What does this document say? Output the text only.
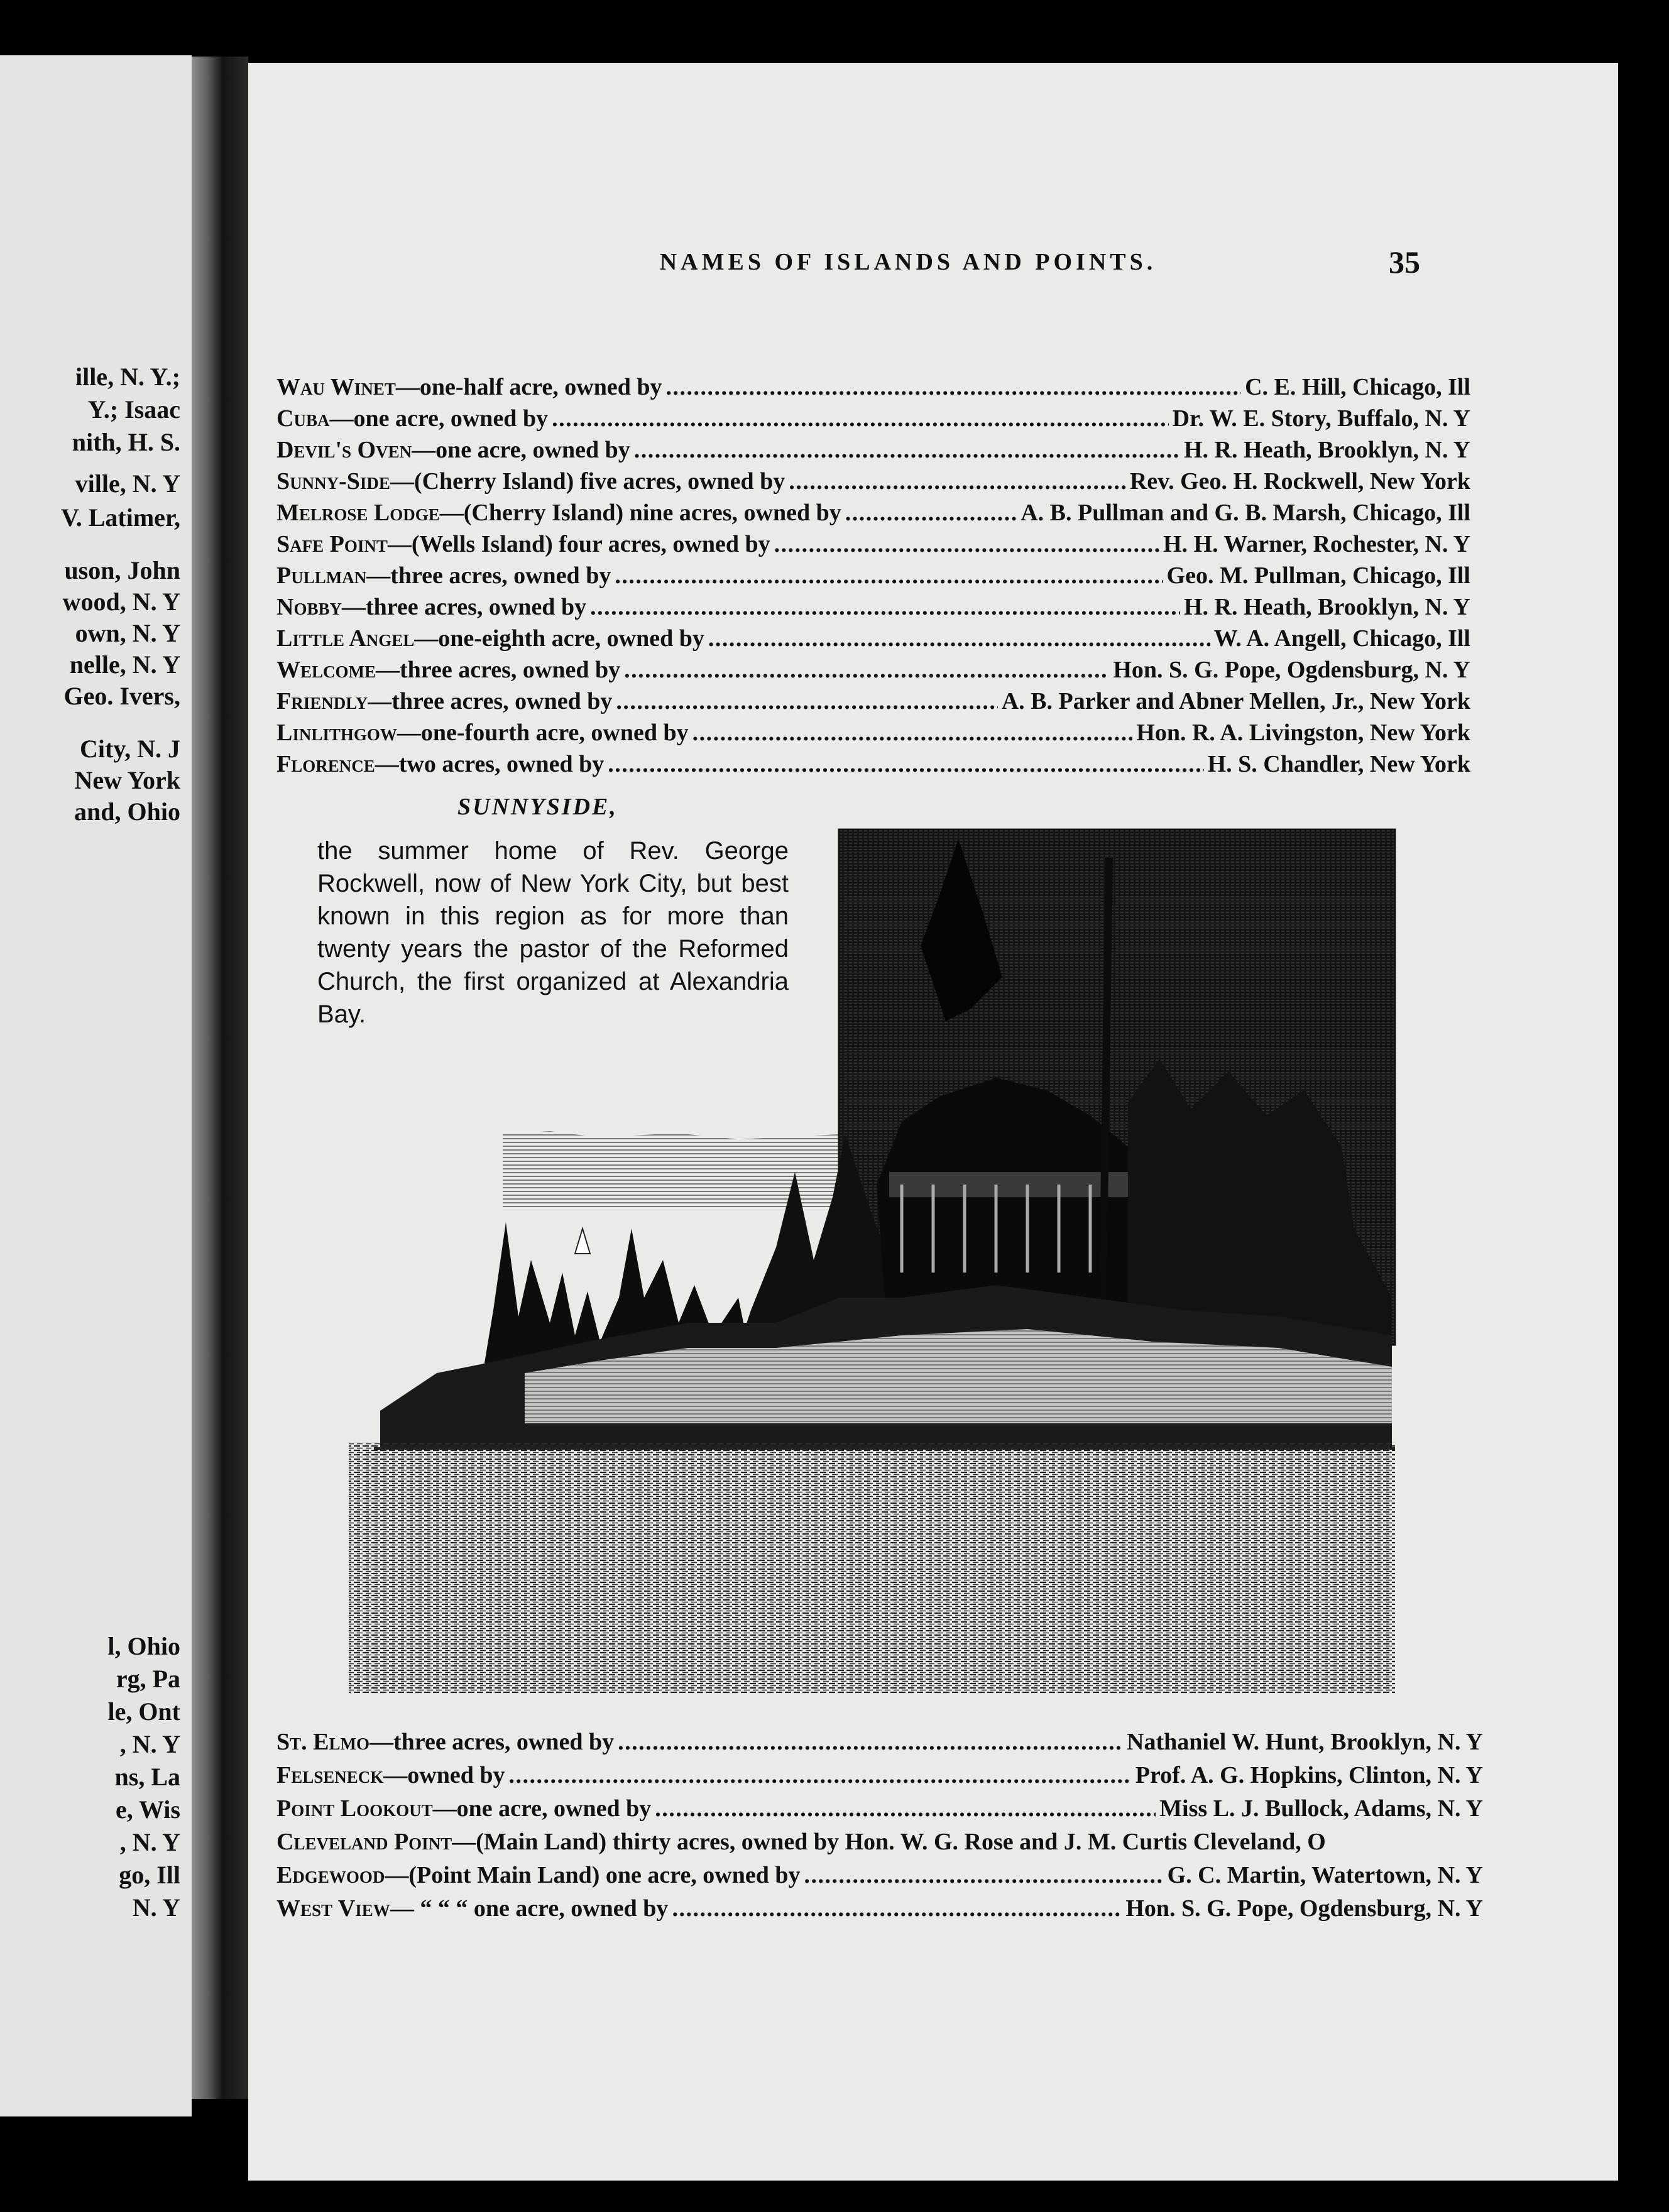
ille, N. Y.;
Y.; Isaac
nith, H. S.
ville, N. Y
V. Latimer,
uson, John
wood, N. Y
own, N. Y
nelle, N. Y
Geo. Ivers,
City, N. J
New York
and, Ohio
l, Ohio
rg, Pa
le, Ont
, N. Y
ns, La
e, Wis
, N. Y
go, Ill
N. Y
NAMES OF ISLANDS AND POINTS.	35
Wau Winet —one-half acre, owned by . . .	C. E. Hill, Chicago, Ill
Cuba —one acre, owned by . . .	Dr. W. E. Story, Buffalo, N. Y
Devil's Oven —one acre, owned by . . .	H. R. Heath, Brooklyn, N. Y
Sunny-Side —(Cherry Island) five acres, owned by . . .	Rev. Geo. H. Rockwell, New York
Melrose Lodge —(Cherry Island) nine acres, owned by . . .	A. B. Pullman and G. B. Marsh, Chicago, Ill
Safe Point —(Wells Island) four acres, owned by . . .	H. H. Warner, Rochester, N. Y
Pullman —three acres, owned by . . .	Geo. M. Pullman, Chicago, Ill
Nobby —three acres, owned by . . .	H. R. Heath, Brooklyn, N. Y
Little Angel —one-eighth acre, owned by . . .	W. A. Angell, Chicago, Ill
Welcome —three acres, owned by . . .	Hon. S. G. Pope, Ogdensburg, N. Y
Friendly —three acres, owned by . . .	A. B. Parker and Abner Mellen, Jr., New York
Linlithgow —one-fourth acre, owned by . . .	Hon. R. A. Livingston, New York
Florence —two acres, owned by . . .	H. S. Chandler, New York
SUNNYSIDE,
the summer home of Rev. George Rockwell, now of New York City, but best known in this region as for more than twenty years the pastor of the Reformed Church, the first organized at Alexandria Bay.
St. Elmo —three acres, owned by . . .	Nathaniel W. Hunt, Brooklyn, N. Y
Felseneck —owned by . . .	Prof. A. G. Hopkins, Clinton, N. Y
Point Lookout —one acre, owned by . . .	Miss L. J. Bullock, Adams, N. Y
Cleveland Point —(Main Land) thirty acres, owned by Hon. W. G. Rose and J. M. Curtis Cleveland, O
Edgewood —(Point Main Land) one acre, owned by . . .	G. C. Martin, Watertown, N. Y
West View — “ “ “ one acre, owned by . . .	Hon. S. G. Pope, Ogdensburg, N. Y
